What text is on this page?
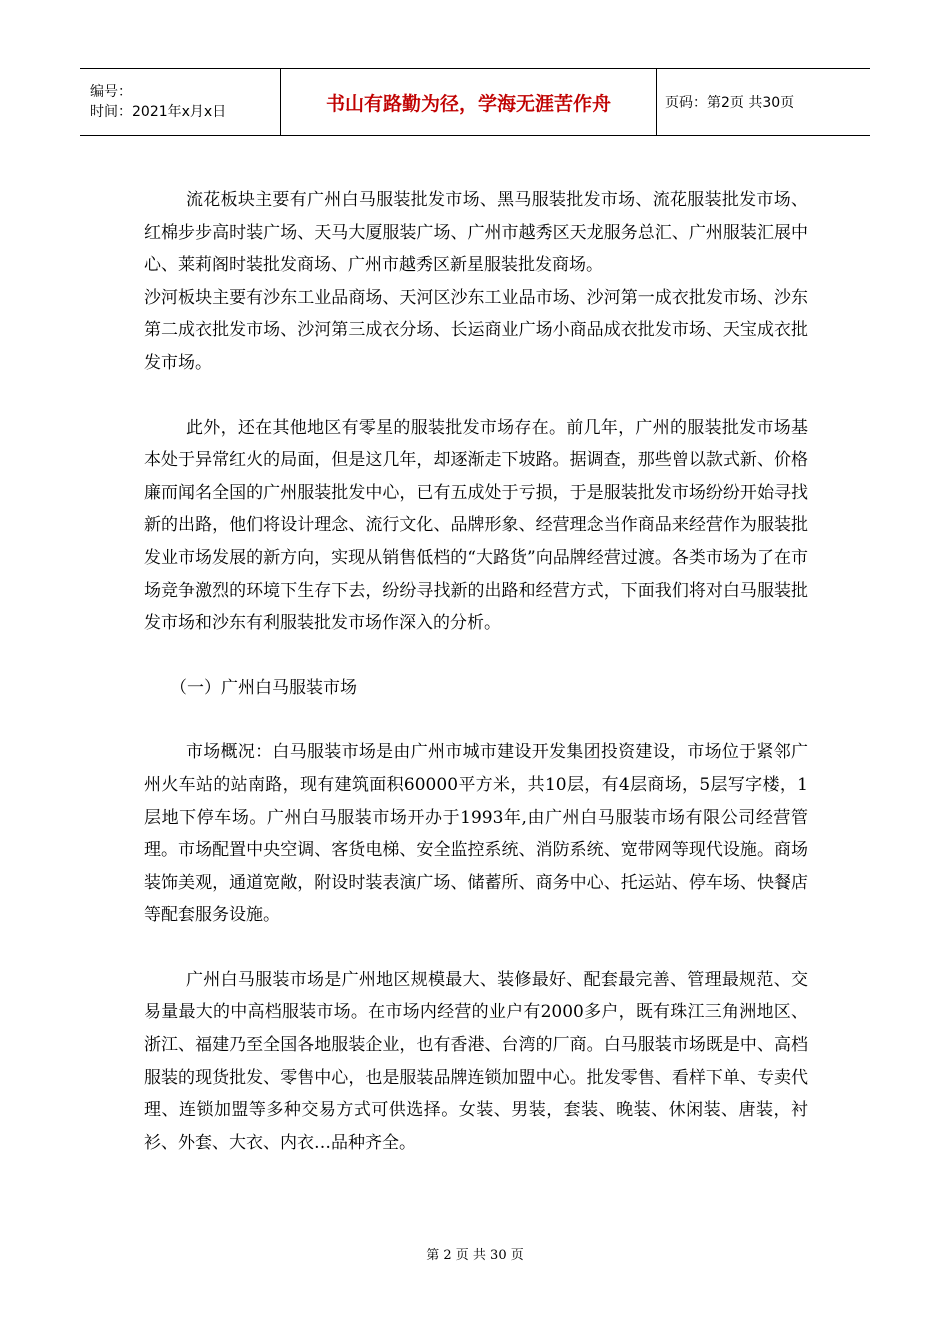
编号：
时间：2021年x月x日	书山有路勤为径，学海无涯苦作舟	页码：第2页 共30页

流花板块主要有广州白马服装批发市场、黑马服装批发市场、流花服装批发市场、红棉步步高时装广场、天马大厦服装广场、广州市越秀区天龙服务总汇、广州服装汇展中心、莱莉阁时装批发商场、广州市越秀区新星服装批发商场。

沙河板块主要有沙东工业品商场、天河区沙东工业品市场、沙河第一成衣批发市场、沙东第二成衣批发市场、沙河第三成衣分场、长运商业广场小商品成衣批发市场、天宝成衣批发市场。

此外，还在其他地区有零星的服装批发市场存在。前几年，广州的服装批发市场基本处于异常红火的局面，但是这几年，却逐渐走下坡路。据调查，那些曾以款式新、价格廉而闻名全国的广州服装批发中心，已有五成处于亏损，于是服装批发市场纷纷开始寻找新的出路，他们将设计理念、流行文化、品牌形象、经营理念当作商品来经营作为服装批发业市场发展的新方向，实现从销售低档的“大路货”向品牌经营过渡。各类市场为了在市场竞争激烈的环境下生存下去，纷纷寻找新的出路和经营方式，下面我们将对白马服装批发市场和沙东有利服装批发市场作深入的分析。

（一）广州白马服装市场

市场概况：白马服装市场是由广州市城市建设开发集团投资建设，市场位于紧邻广州火车站的站南路，现有建筑面积60000平方米，共10层，有4层商场，5层写字楼，1层地下停车场。广州白马服装市场开办于1993年,由广州白马服装市场有限公司经营管理。市场配置中央空调、客货电梯、安全监控系统、消防系统、宽带网等现代设施。商场装饰美观，通道宽敞，附设时装表演广场、储蓄所、商务中心、托运站、停车场、快餐店等配套服务设施。

广州白马服装市场是广州地区规模最大、装修最好、配套最完善、管理最规范、交易量最大的中高档服装市场。在市场内经营的业户有2000多户，既有珠江三角洲地区、浙江、福建乃至全国各地服装企业，也有香港、台湾的厂商。白马服装市场既是中、高档服装的现货批发、零售中心，也是服装品牌连锁加盟中心。批发零售、看样下单、专卖代理、连锁加盟等多种交易方式可供选择。女装、男装，套装、晚装、休闲装、唐装，衬衫、外套、大衣、内衣…品种齐全。

第 2 页 共 30 页
